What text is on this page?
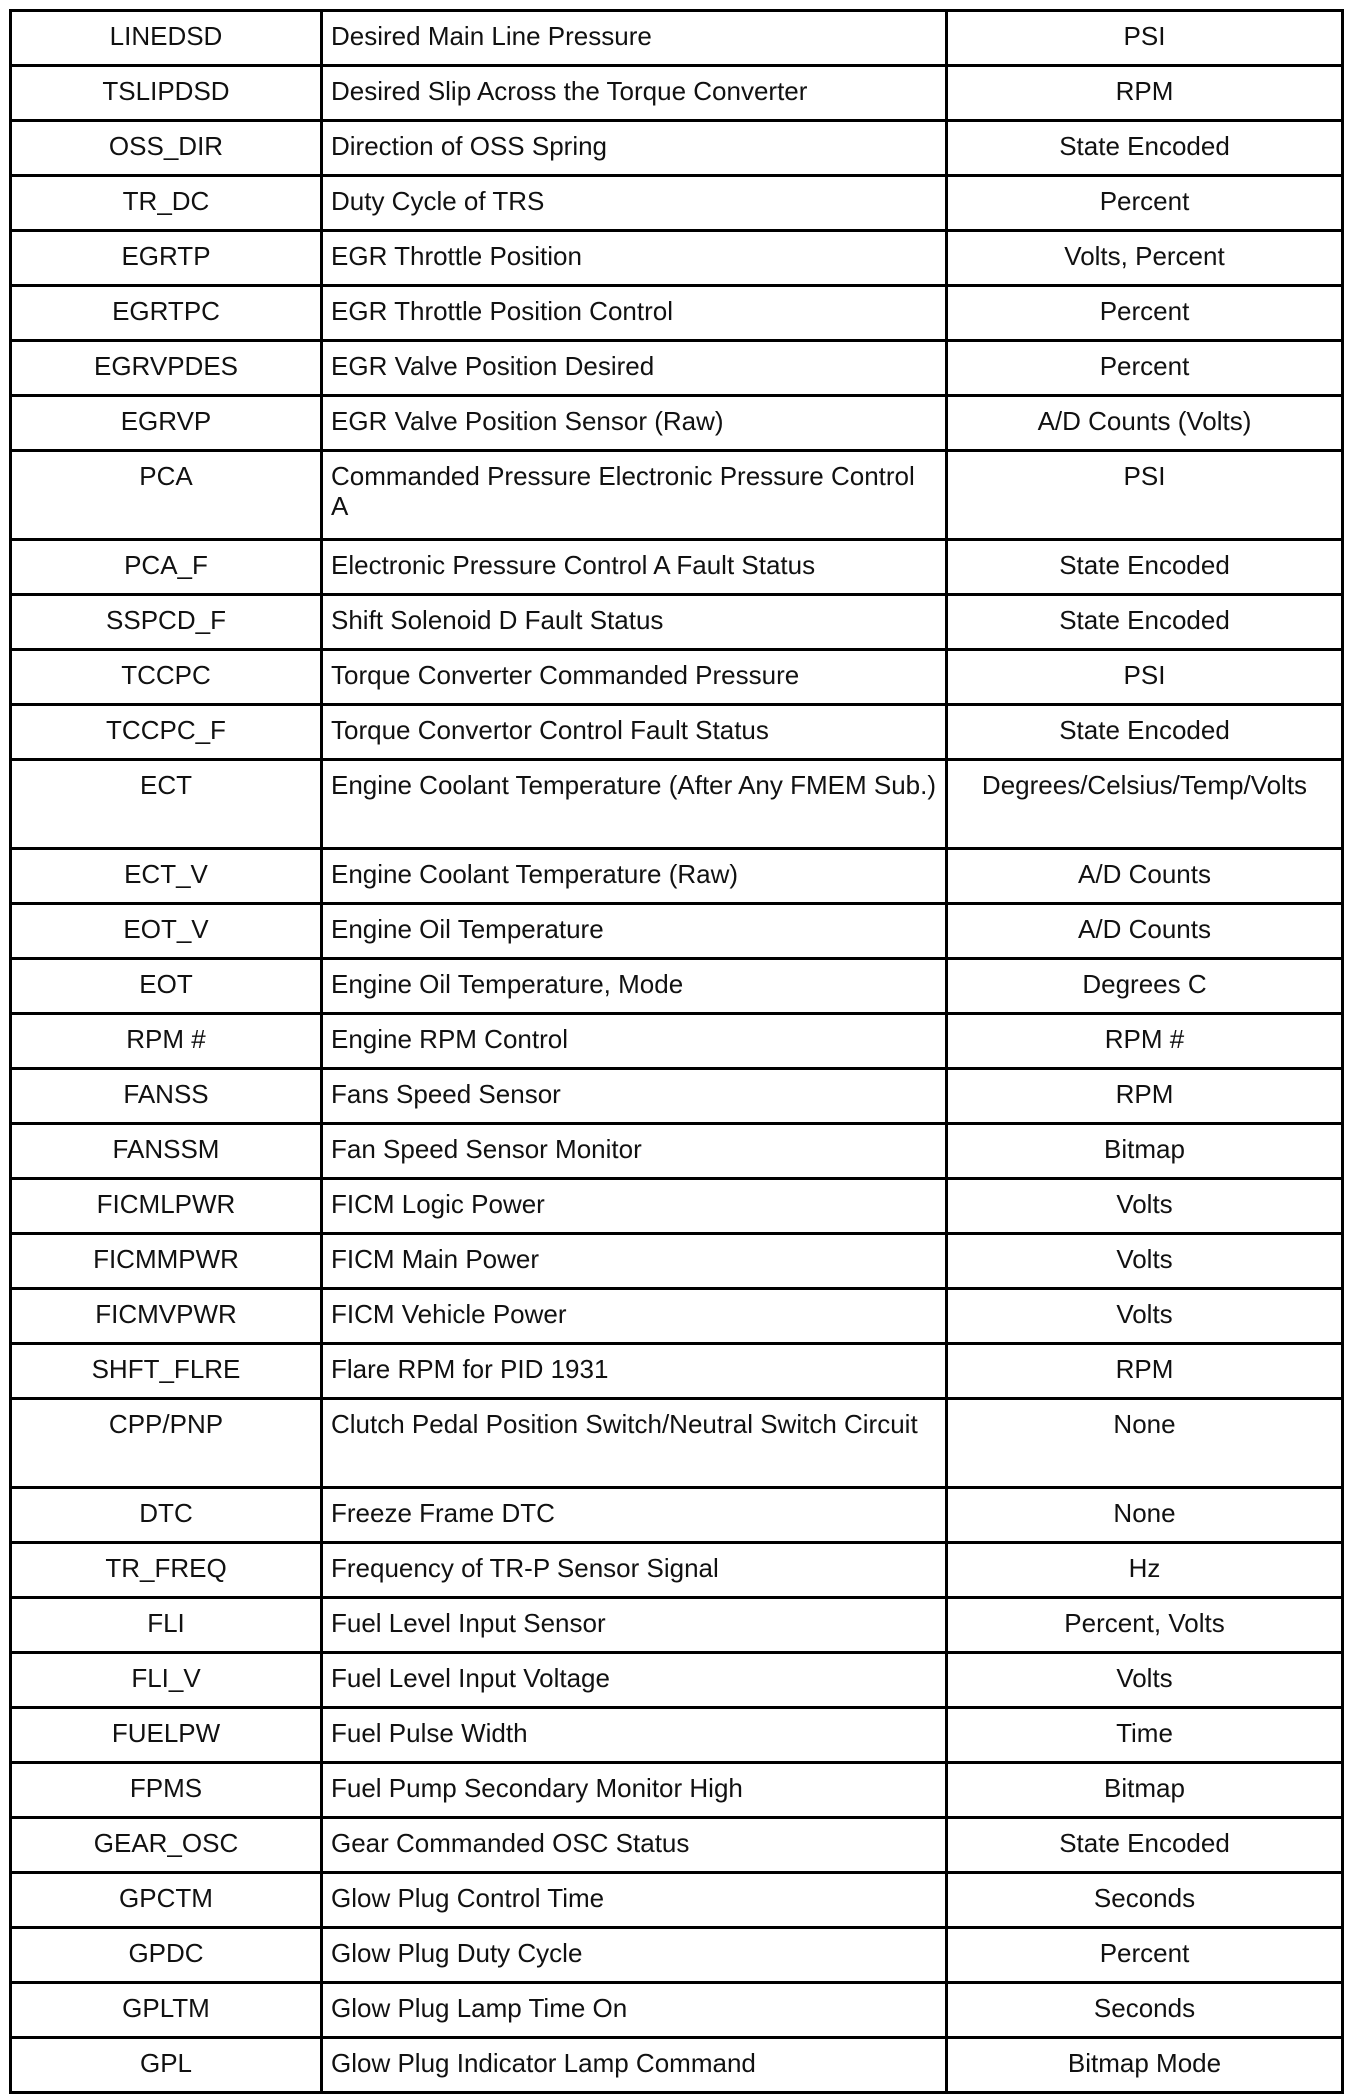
LINEDSD	Desired Main Line Pressure	PSI
TSLIPDSD	Desired Slip Across the Torque Converter	RPM
OSS_DIR	Direction of OSS Spring	State Encoded
TR_DC	Duty Cycle of TRS	Percent
EGRTP	EGR Throttle Position	Volts, Percent
EGRTPC	EGR Throttle Position Control	Percent
EGRVPDES	EGR Valve Position Desired	Percent
EGRVP	EGR Valve Position Sensor (Raw)	A/D Counts (Volts)
PCA	Commanded Pressure Electronic Pressure Control A	PSI
PCA_F	Electronic Pressure Control A Fault Status	State Encoded
SSPCD_F	Shift Solenoid D Fault Status	State Encoded
TCCPC	Torque Converter Commanded Pressure	PSI
TCCPC_F	Torque Convertor Control Fault Status	State Encoded
ECT	Engine Coolant Temperature (After Any FMEM Sub.)	Degrees/Celsius/Temp/Volts
ECT_V	Engine Coolant Temperature (Raw)	A/D Counts
EOT_V	Engine Oil Temperature	A/D Counts
EOT	Engine Oil Temperature, Mode	Degrees C
RPM #	Engine RPM Control	RPM #
FANSS	Fans Speed Sensor	RPM
FANSSM	Fan Speed Sensor Monitor	Bitmap
FICMLPWR	FICM Logic Power	Volts
FICMMPWR	FICM Main Power	Volts
FICMVPWR	FICM Vehicle Power	Volts
SHFT_FLRE	Flare RPM for PID 1931	RPM
CPP/PNP	Clutch Pedal Position Switch/Neutral Switch Circuit	None
DTC	Freeze Frame DTC	None
TR_FREQ	Frequency of TR-P Sensor Signal	Hz
FLI	Fuel Level Input Sensor	Percent, Volts
FLI_V	Fuel Level Input Voltage	Volts
FUELPW	Fuel Pulse Width	Time
FPMS	Fuel Pump Secondary Monitor High	Bitmap
GEAR_OSC	Gear Commanded OSC Status	State Encoded
GPCTM	Glow Plug Control Time	Seconds
GPDC	Glow Plug Duty Cycle	Percent
GPLTM	Glow Plug Lamp Time On	Seconds
GPL	Glow Plug Indicator Lamp Command	Bitmap Mode
